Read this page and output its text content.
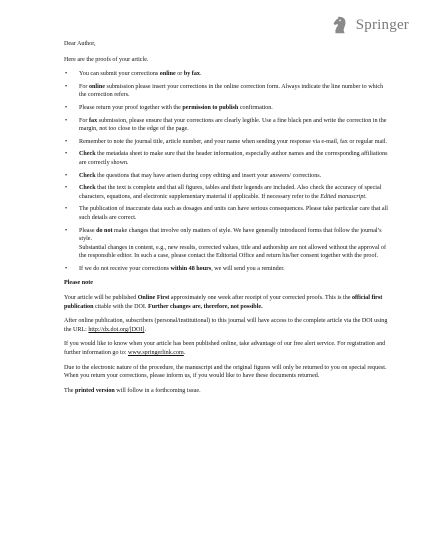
Springer

Dear Author,

Here are the proofs of your article.

• You can submit your corrections online or by fax.
• For online submission please insert your corrections in the online correction form. Always indicate the line number to which the correction refers.
• Please return your proof together with the permission to publish confirmation.
• For fax submission, please ensure that your corrections are clearly legible. Use a fine black pen and write the correction in the margin, not too close to the edge of the page.
• Remember to note the journal title, article number, and your name when sending your response via e-mail, fax or regular mail.
• Check the metadata sheet to make sure that the header information, especially author names and the corresponding affiliations are correctly shown.
• Check the questions that may have arisen during copy editing and insert your answers/ corrections.
• Check that the text is complete and that all figures, tables and their legends are included. Also check the accuracy of special characters, equations, and electronic supplementary material if applicable. If necessary refer to the Edited manuscript.
• The publication of inaccurate data such as dosages and units can have serious consequences. Please take particular care that all such details are correct.
• Please do not make changes that involve only matters of style. We have generally introduced forms that follow the journal’s style.

Substantial changes in content, e.g., new results, corrected values, title and authorship are not allowed without the approval of the responsible editor. In such a case, please contact the Editorial Office and return his/her consent together with the proof.

• If we do not receive your corrections within 48 hours, we will send you a reminder.

Please note

Your article will be published Online First approximately one week after receipt of your corrected proofs. This is the official first publication citable with the DOI. Further changes are, therefore, not possible.

After online publication, subscribers (personal/institutional) to this journal will have access to the complete article via the DOI using the URL: http://dx.doi.org/[DOI].

If you would like to know when your article has been published online, take advantage of our free alert service. For registration and further information go to: www.springerlink.com.

Due to the electronic nature of the procedure, the manuscript and the original figures will only be returned to you on special request. When you return your corrections, please inform us, if you would like to have these documents returned.

The printed version will follow in a forthcoming issue.
